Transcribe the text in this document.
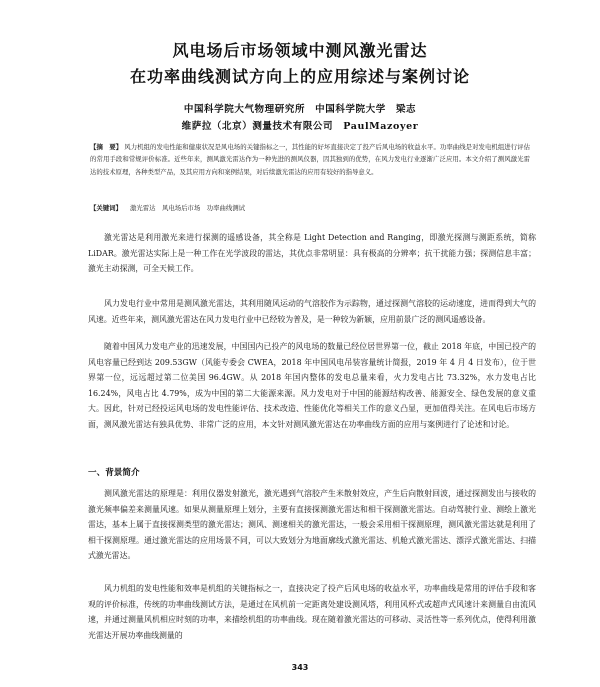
风电场后市场领域中测风激光雷达
在功率曲线测试方向上的应用综述与案例讨论
中国科学院大气物理研究所　中国科学院大学　梁志
维萨拉（北京）测量技术有限公司　PaulMazoyer
【摘　要】 风力机组的发电性能和健康状况是风电场的关键指标之一，其性能的好坏直接决定了投产后风电场的收益水平。功率曲线是对发电机组进行评估的常用手段和常规评价标准。近些年来，测风激光雷达作为一种先进的测风仪器，因其独到的优势，在风力发电行业逐渐广泛应用。本文介绍了测风激光雷达的技术原理，各种类型产品，及其应用方向和案例结果，对后续激光雷达的应用有较好的指导意义。
【关键词】 激光雷达　风电场后市场　功率曲线测试

激光雷达是利用激光来进行探测的遥感设备，其全称是 Light Detection and Ranging，即激光探测与测距系统，简称 LiDAR。激光雷达实际上是一种工作在光学波段的雷达，其优点非常明显：具有极高的分辨率；抗干扰能力强；探测信息丰富；激光主动探测，可全天候工作。

风力发电行业中常用是测风激光雷达，其利用随风运动的气溶胶作为示踪物，通过探测气溶胶的运动速度，进而得到大气的风速。近些年来，测风激光雷达在风力发电行业中已经较为普及，是一种较为新颖，应用前景广泛的测风遥感设备。

随着中国风力发电产业的迅速发展，中国国内已投产的风电场的数量已经位居世界第一位，截止 2018 年底，中国已投产的风电容量已经到达 209.53GW（风能专委会 CWEA，2018 年中国风电吊装容量统计简报，2019 年 4 月 4 日发布），位于世界第一位，远远超过第二位美国 96.4GW。从 2018 年国内整体的发电总量来看，火力发电占比 73.32%，水力发电占比 16.24%，风电占比 4.79%，成为中国的第二大能源来源。风力发电对于中国的能源结构改善、能源安全、绿色发展的意义重大。因此，针对已经投运风电场的发电性能评估、技术改造、性能优化等相关工作的意义凸显，更加值得关注。在风电后市场方面，测风激光雷达有独具优势、非常广泛的应用，本文针对测风激光雷达在功率曲线方面的应用与案例进行了论述和讨论。

一、背景简介

测风激光雷达的原理是：利用仪器发射激光，激光遇到气溶胶产生米散射效应，产生后向散射回波，通过探测发出与接收的激光频率偏差来测量风速。如果从测量原理上划分，主要有直接探测激光雷达和相干探测激光雷达。自动驾驶行业、测绘上激光雷达，基本上属于直接探测类型的激光雷达；测风、测速相关的激光雷达，一般会采用相干探测原理，测风激光雷达就是利用了相干探测原理。通过激光雷达的应用场景不同，可以大致划分为地面廓线式激光雷达、机舱式激光雷达、漂浮式激光雷达、扫描式激光雷达。

风力机组的发电性能和效率是机组的关键指标之一，直接决定了投产后风电场的收益水平，功率曲线是常用的评估手段和客观的评价标准，传统的功率曲线测试方法，是通过在风机前一定距离处建设测风塔，利用风杯式或超声式风速计来测量自由流风速，并通过测量风机相应时刻的功率，来描绘机组的功率曲线。现在随着激光雷达的可移动、灵活性等一系列优点，使得利用激光雷达开展功率曲线测量的

343
